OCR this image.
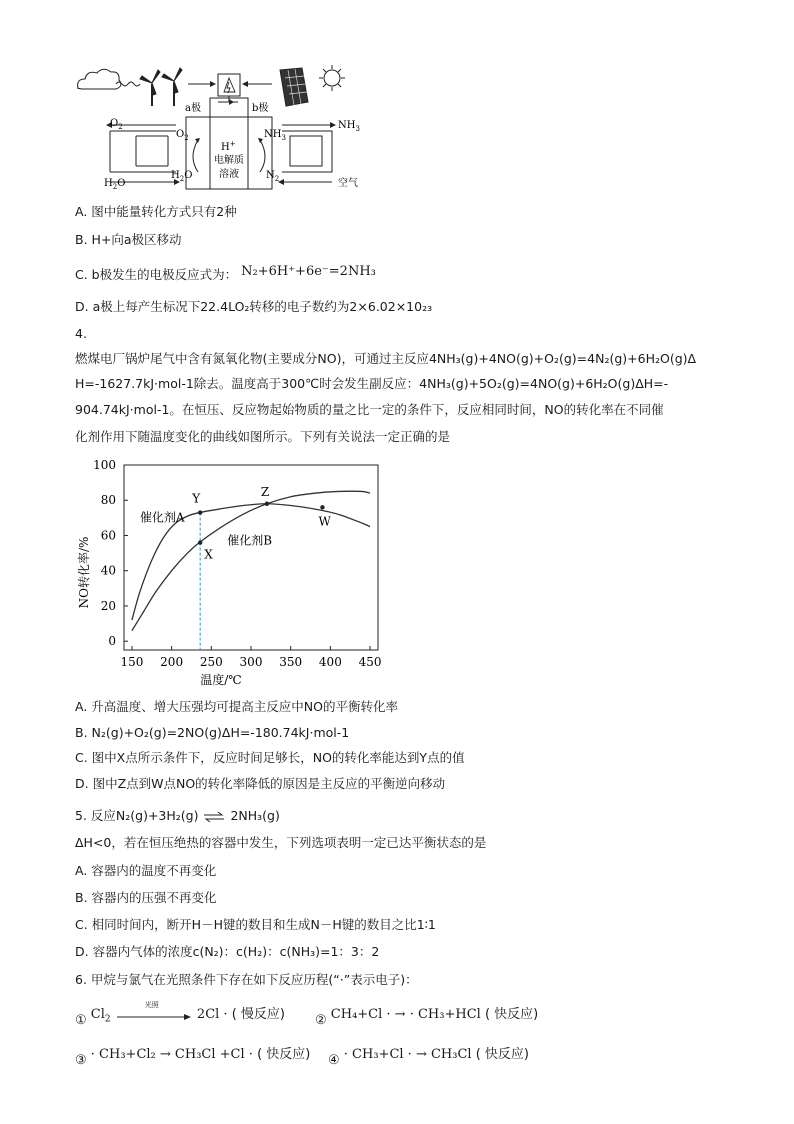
a极	b极
H+
电解质
溶液
$O_2$
$H_2O$
$O_2$
$H_2O$
$NH_3$
空气
$NH_3$
$N_2$
A. 图中能量转化方式只有2种
B. H+向a极区移动
C. b极发生的电极反应式为： N₂+6H⁺+6e⁻=2NH₃
D. a极上每产生标况下22.4LO₂转移的电子数约为2×6.02×10₂₃
4.
燃煤电厂锅炉尾气中含有氮氧化物(主要成分NO)，可通过主反应4NH₃(g)+4NO(g)+O₂(g)=4N₂(g)+6H₂O(g)Δ
H=-1627.7kJ·mol-1除去。温度高于300℃时会发生副反应：4NH₃(g)+5O₂(g)=4NO(g)+6H₂O(g)ΔH=-
904.74kJ·mol-1。在恒压、反应物起始物质的量之比一定的条件下，反应相同时间，NO的转化率在不同催
化剂作用下随温度变化的曲线如图所示。下列有关说法一定正确的是
0
20
40
60
80
100
150 200 250 300 350 400 450
温度/℃
NO转化率/%
催化剂A
催化剂B
X
Y	Z
W
A. 升高温度、增大压强均可提高主反应中NO的平衡转化率
B. N₂(g)+O₂(g)=2NO(g)ΔH=-180.74kJ·mol-1
C. 图中X点所示条件下，反应时间足够长，NO的转化率能达到Y点的值
D. 图中Z点到W点NO的转化率降低的原因是主反应的平衡逆向移动
5. 反应N₂(g)+3H₂(g) ⇌ 2NH₃(g)
ΔH<0，若在恒压绝热的容器中发生，下列选项表明一定已达平衡状态的是
A. 容器内的温度不再变化
B. 容器内的压强不再变化
C. 相同时间内，断开H－H键的数目和生成N－H键的数目之比1∶1
D. 容器内气体的浓度c(N₂)：c(H₂)：c(NH₃)=1：3：2
6. 甲烷与氯气在光照条件下存在如下反应历程(“·”表示电子)：
① $Cl_2$
光照
2Cl · ( 慢反应) ② CH₄+Cl · → · CH₃+HCl ( 快反应)
③ · CH₃+Cl₂ → CH₃Cl +Cl · ( 快反应) ④ · CH₃+Cl · → CH₃Cl ( 快反应)
